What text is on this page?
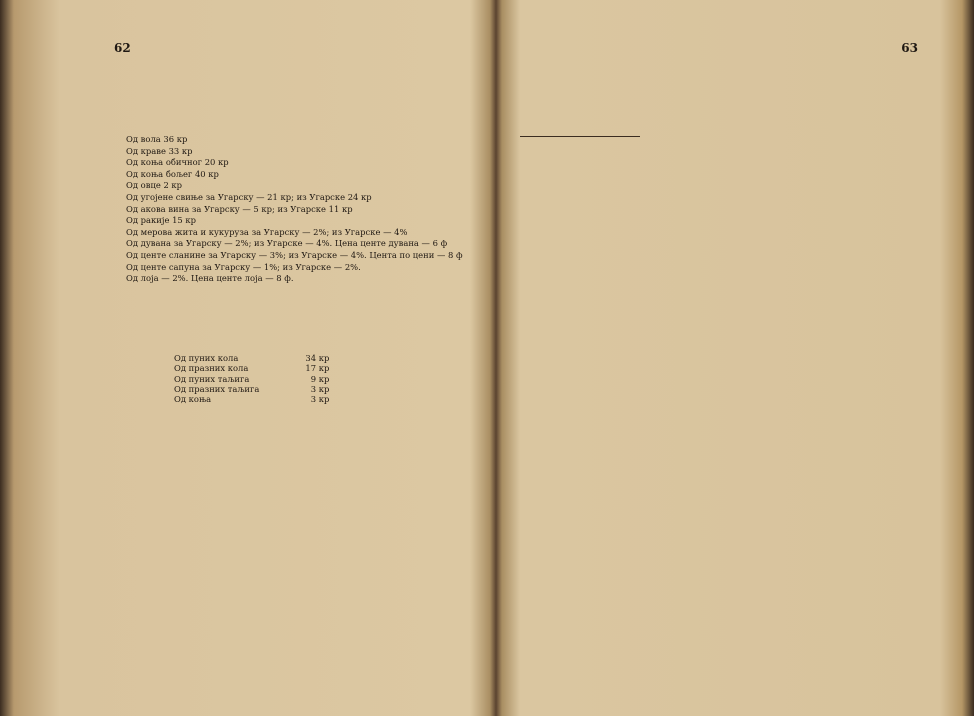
62
Од вола 36 кр
Од краве 33 кр
Од коња обичног 20 кр
Од коња бољег 40 кр
Од овце 2 кр
Од угојене свиње за Угарску — 21 кр; из Угарске 24 кр
Од акова вина за Угарску — 5 кр; из Угарске 11 кр
Од ракије 15 кр
Од мерова жита и кукуруза за Угарску — 2%; из Угарске — 4%
Од дувана за Угарску — 2%; из Угарске — 4%. Цена центе дувана — 6 ф
Од центе сланине за Угарску — 3%; из Угарске — 4%. Цента по цени — 8 ф
Од центе сапуна за Угарску — 1%; из Угарске — 2%.
Од лоја — 2%. Цена центе лоја — 8 ф.
Од пуних кола	34 кр
Од празних кола	17 кр
Од пуних тaљига	9 кр
Од празних таљига	3 кр
Од коња	3 кр
63
